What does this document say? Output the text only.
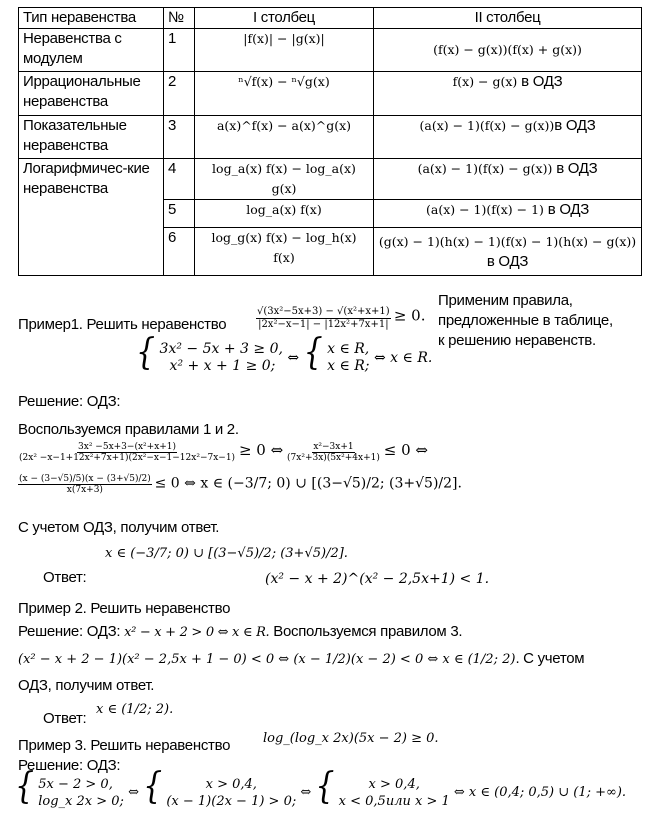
Тип неравенства	№	I столбец	II столбец
Неравенства с модулем	1	|f(x)| − |g(x)|	(f(x) − g(x))(f(x) + g(x))
Иррациональные неравенства	2	ⁿ√f(x) − ⁿ√g(x)	f(x) − g(x) в ОДЗ
Показательные неравенства	3	a(x)^f(x) − a(x)^g(x)	(a(x) − 1)(f(x) − g(x))в ОДЗ
Логарифмичес-кие неравенства	4	log_a(x) f(x) − log_a(x) g(x)	(a(x) − 1)(f(x) − g(x)) в ОДЗ
	5	log_a(x) f(x)	(a(x) − 1)(f(x) − 1) в ОДЗ
	6	log_g(x) f(x) − log_h(x) f(x)	(g(x) − 1)(h(x) − 1)(f(x) − 1)(h(x) − g(x)) в ОДЗ
Пример1. Решить неравенство	$\frac{\text{√(3x²−5x+3) − √(x²+x+1)}}{\text{|2x²−x−1| − |12x²+7x+1|}} \ge 0$.
Применим правила,
предложенные в таблице,
к решению неравенств.
{ 3x² − 5x + 3 ≥ 0,
x² + x + 1 ≥ 0; ⇔ { x ∈ R,
x ∈ R; ⇔ x ∈ R.
Решение: ОДЗ:
Воспользуемся правилами 1 и 2.
$\frac{\text{3x² −5x+3−(x²+x+1)}}{\text{(2x² −x−1+12x²+7x+1)(2x²−x−1−12x²−7x−1)}} \ge 0$ ⇔ $\frac{\text{x²−3x+1}}{\text{(7x²+3x)(5x²+4x+1)}} \le 0$ ⇔
$\frac{(x - (3-√5)/5)(x - (3+√5)/2)}{x(7x+3)} \le 0$ ⇔ x ∈ (−3/7; 0) ∪ [(3−√5)/2; (3+√5)/2].
С учетом ОДЗ, получим ответ.
x ∈ (−3/7; 0) ∪ [(3−√5)/2; (3+√5)/2].
Ответ:	(x² − x + 2)^(x² − 2,5x+1) < 1.
Пример 2. Решить неравенство
Решение: ОДЗ: x² − x + 2 > 0 ⇔ x ∈ R. Воспользуемся правилом 3.
(x² − x + 2 − 1)(x² − 2,5x + 1 − 0) < 0 ⇔ (x − 1/2)(x − 2) < 0 ⇔ x ∈ (1/2; 2). С учетом
ОДЗ, получим ответ.
Ответ:
x ∈ (1/2; 2).
Пример 3. Решить неравенство	log_(log_x 2x)(5x − 2) ≥ 0.
Решение: ОДЗ:
{ 5x − 2 > 0,
log_x 2x > 0;
⇔ {	x > 0,4,
(x − 1)(2x − 1) > 0;
⇔ {	x > 0,4,
x < 0,5или x > 1
⇔ x ∈ (0,4; 0,5) ∪ (1; +∞).
